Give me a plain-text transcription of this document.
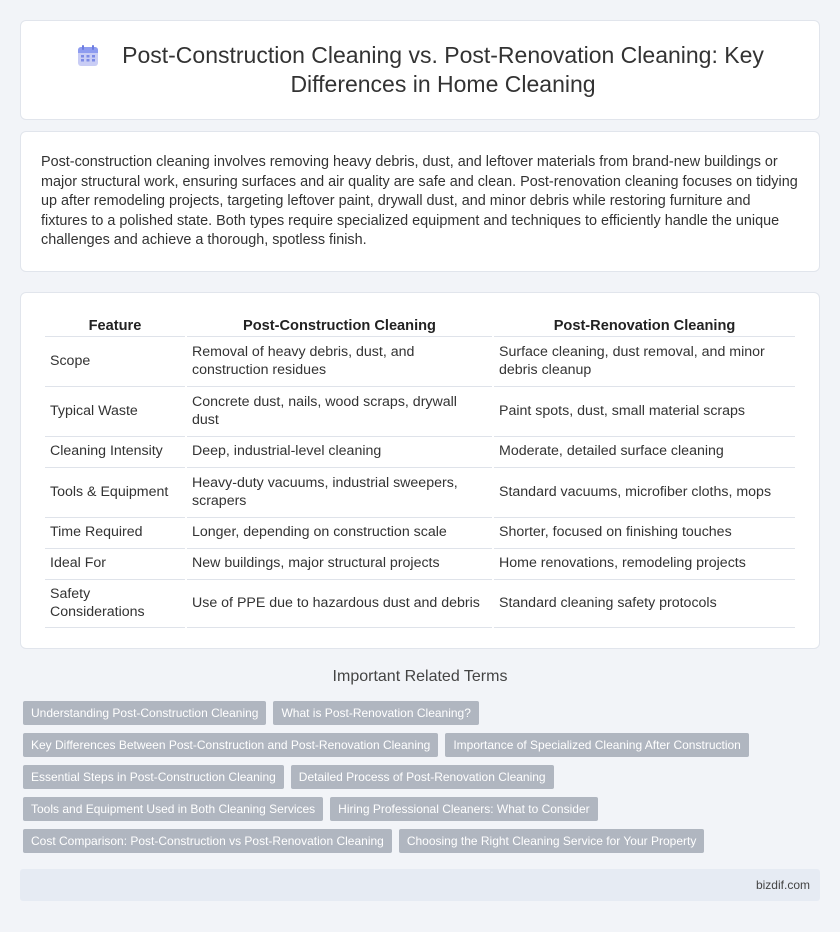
Post-Construction Cleaning vs. Post-Renovation Cleaning: Key
Differences in Home Cleaning

Post-construction cleaning involves removing heavy debris, dust, and leftover materials from brand-new buildings or major structural work, ensuring surfaces and air quality are safe and clean. Post-renovation cleaning focuses on tidying up after remodeling projects, targeting leftover paint, drywall dust, and minor debris while restoring furniture and fixtures to a polished state. Both types require specialized equipment and techniques to efficiently handle the unique challenges and achieve a thorough, spotless finish.

Feature	Post-Construction Cleaning	Post-Renovation Cleaning
Scope	Removal of heavy debris, dust, and construction residues	Surface cleaning, dust removal, and minor debris cleanup
Typical Waste	Concrete dust, nails, wood scraps, drywall dust	Paint spots, dust, small material scraps
Cleaning Intensity	Deep, industrial-level cleaning	Moderate, detailed surface cleaning
Tools & Equipment	Heavy-duty vacuums, industrial sweepers, scrapers	Standard vacuums, microfiber cloths, mops
Time Required	Longer, depending on construction scale	Shorter, focused on finishing touches
Ideal For	New buildings, major structural projects	Home renovations, remodeling projects
Safety Considerations	Use of PPE due to hazardous dust and debris	Standard cleaning safety protocols
Important Related Terms
Understanding Post-Construction Cleaning	What is Post-Renovation Cleaning?
Key Differences Between Post-Construction and Post-Renovation Cleaning	Importance of Specialized Cleaning After Construction
Essential Steps in Post-Construction Cleaning	Detailed Process of Post-Renovation Cleaning
Tools and Equipment Used in Both Cleaning Services	Hiring Professional Cleaners: What to Consider
Cost Comparison: Post-Construction vs Post-Renovation Cleaning	Choosing the Right Cleaning Service for Your Property
bizdif.com
